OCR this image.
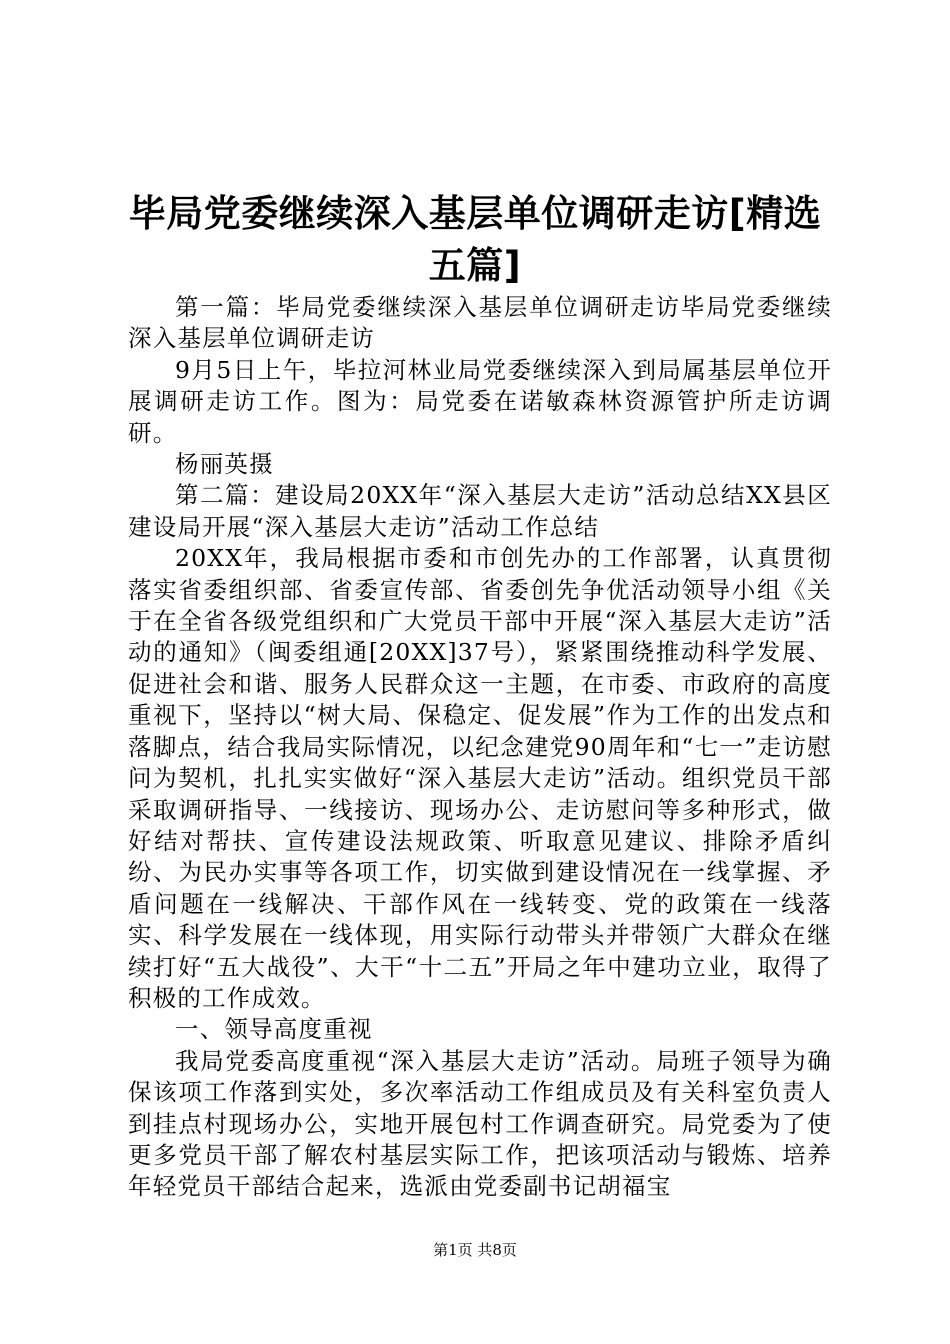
毕局党委继续深入基层单位调研走访[精选五篇]

第一篇：毕局党委继续深入基层单位调研走访毕局党委继续深入基层单位调研走访

9月5日上午，毕拉河林业局党委继续深入到局属基层单位开展调研走访工作。图为：局党委在诺敏森林资源管护所走访调研。

杨丽英摄

第二篇：建设局20XX年“深入基层大走访”活动总结XX县区建设局开展“深入基层大走访”活动工作总结

20XX年，我局根据市委和市创先办的工作部署，认真贯彻落实省委组织部、省委宣传部、省委创先争优活动领导小组《关于在全省各级党组织和广大党员干部中开展“深入基层大走访”活动的通知》（闽委组通[20XX]37号），紧紧围绕推动科学发展、促进社会和谐、服务人民群众这一主题，在市委、市政府的高度重视下，坚持以“树大局、保稳定、促发展”作为工作的出发点和落脚点，结合我局实际情况，以纪念建党90周年和“七一”走访慰问为契机，扎扎实实做好“深入基层大走访”活动。组织党员干部采取调研指导、一线接访、现场办公、走访慰问等多种形式，做好结对帮扶、宣传建设法规政策、听取意见建议、排除矛盾纠纷、为民办实事等各项工作，切实做到建设情况在一线掌握、矛盾问题在一线解决、干部作风在一线转变、党的政策在一线落实、科学发展在一线体现，用实际行动带头并带领广大群众在继续打好“五大战役”、大干“十二五”开局之年中建功立业，取得了积极的工作成效。

一、领导高度重视

我局党委高度重视“深入基层大走访”活动。局班子领导为确保该项工作落到实处，多次率活动工作组成员及有关科室负责人到挂点村现场办公，实地开展包村工作调查研究。局党委为了使更多党员干部了解农村基层实际工作，把该项活动与锻炼、培养年轻党员干部结合起来，选派由党委副书记胡福宝

第1页 共8页
